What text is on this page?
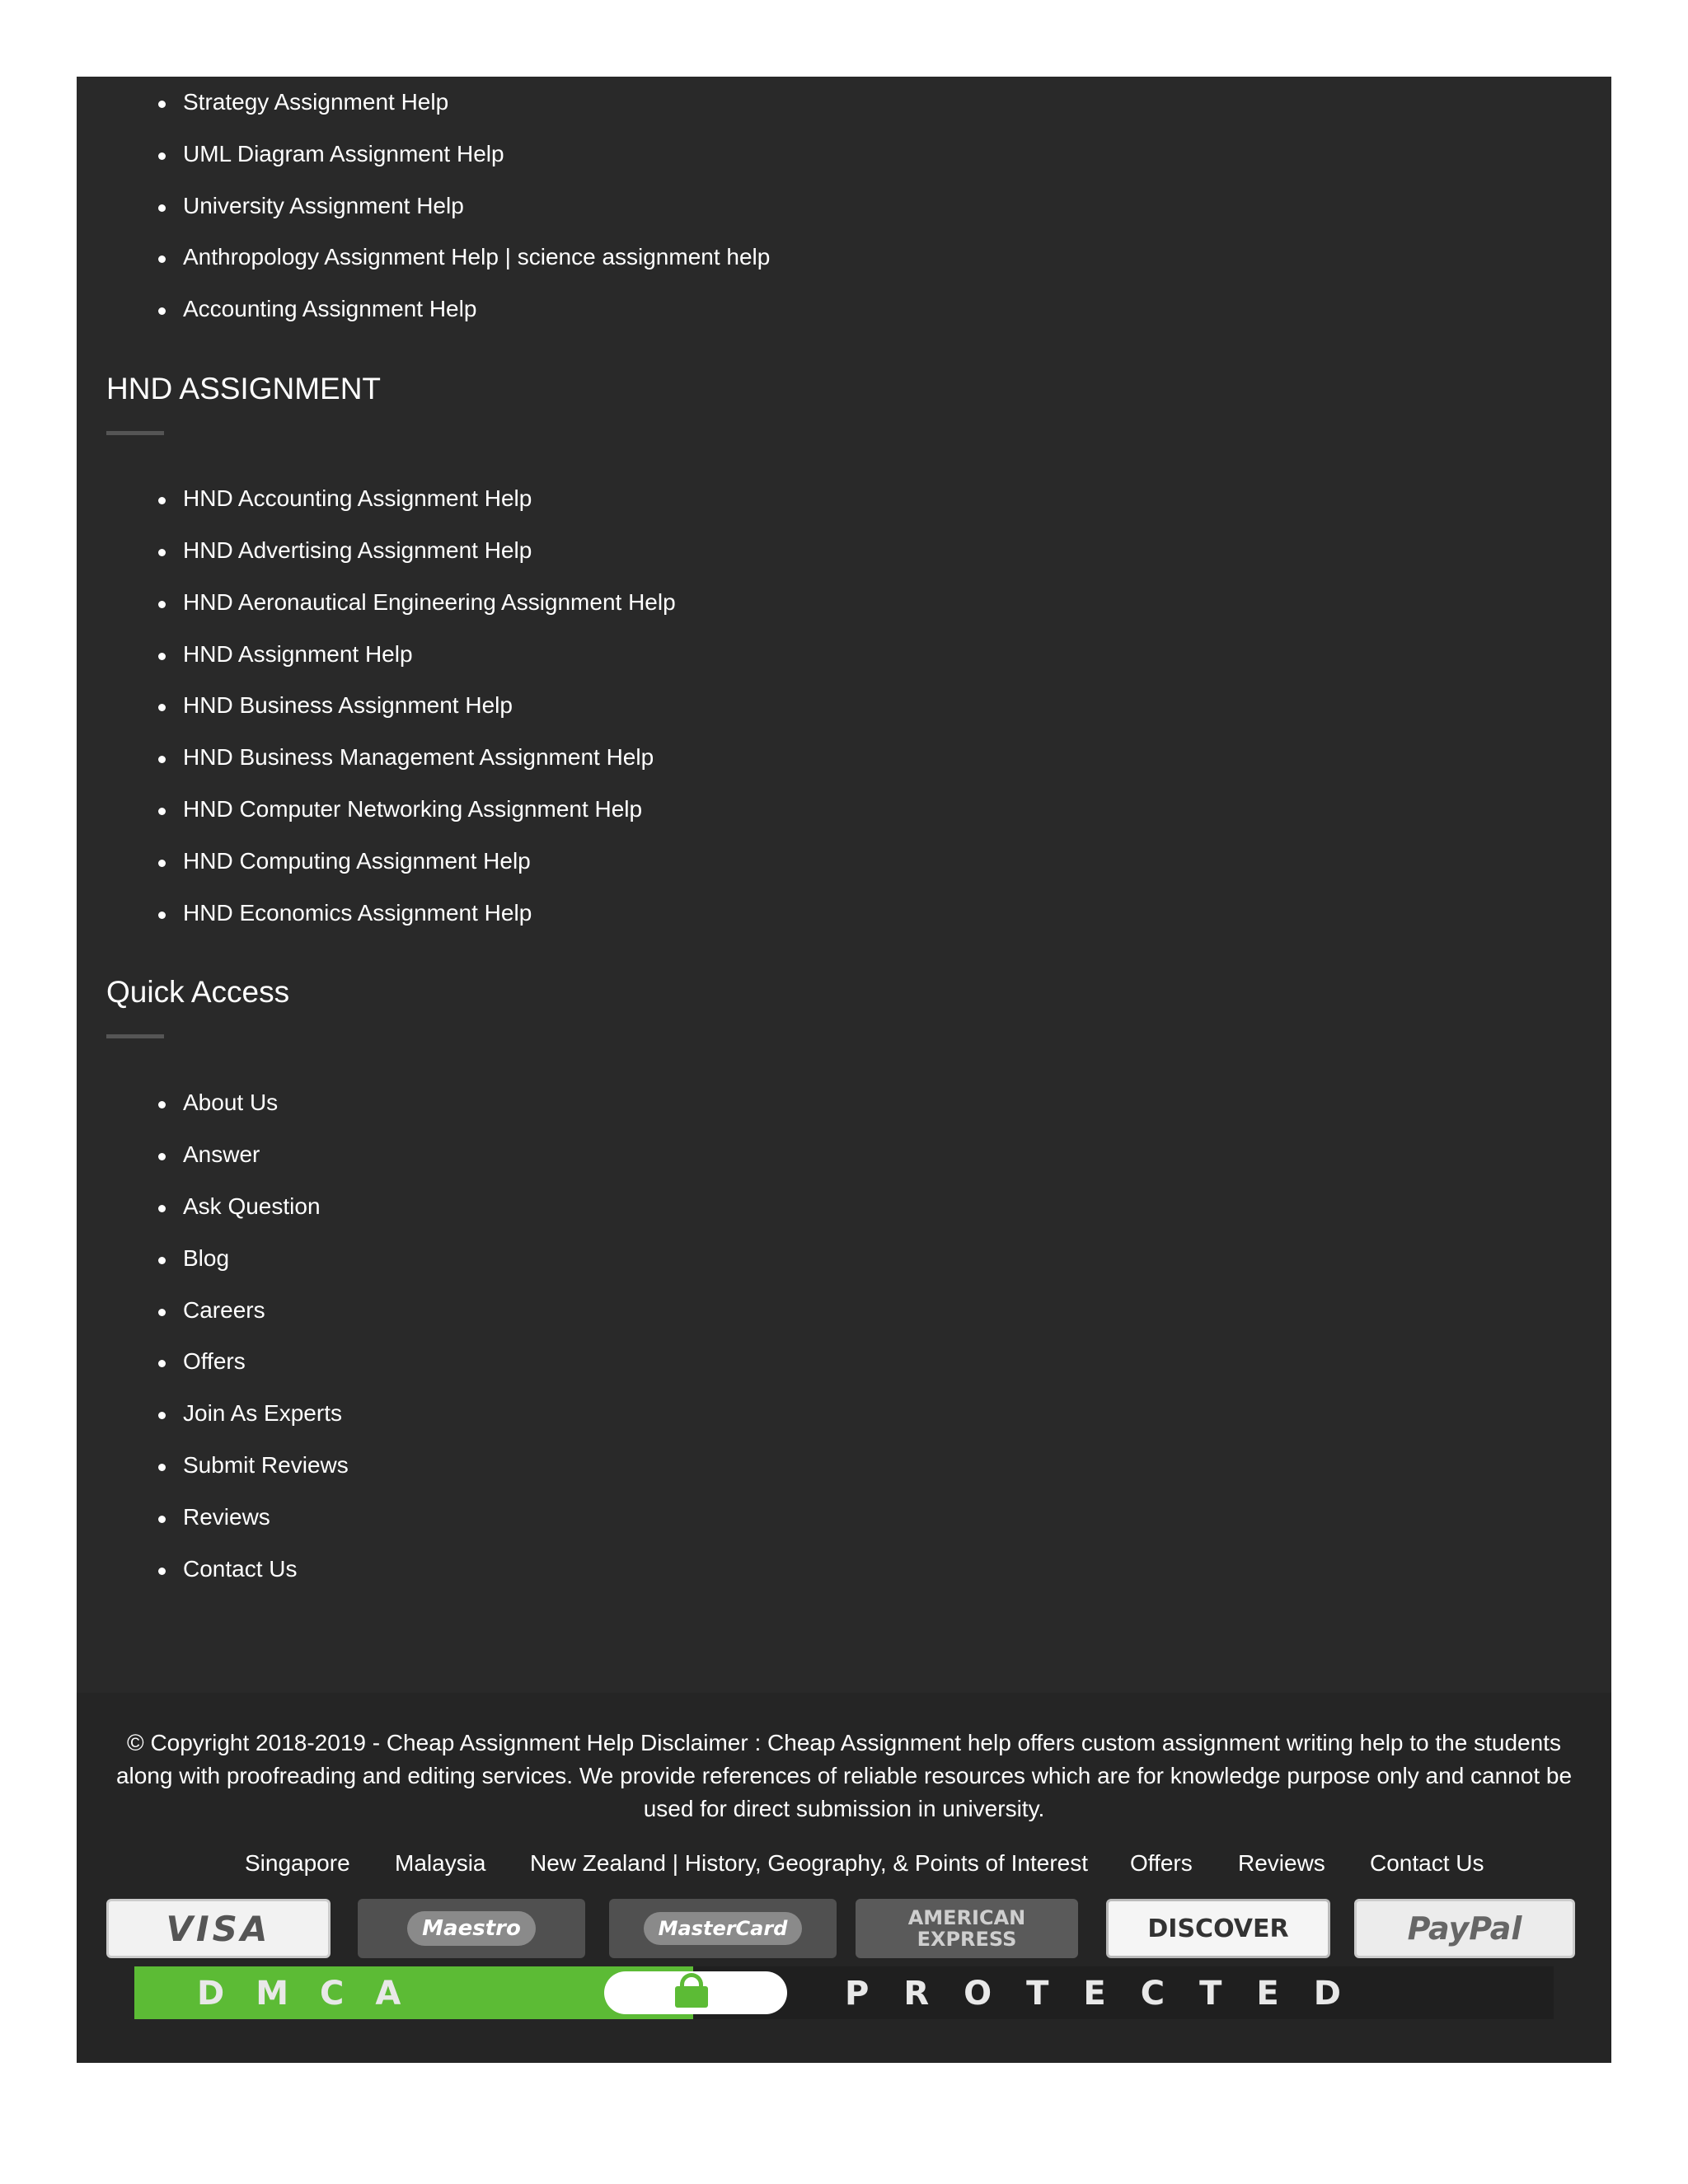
Strategy Assignment Help
UML Diagram Assignment Help
University Assignment Help
Anthropology Assignment Help | science assignment help
Accounting Assignment Help
HND ASSIGNMENT
HND Accounting Assignment Help
HND Advertising Assignment Help
HND Aeronautical Engineering Assignment Help
HND Assignment Help
HND Business Assignment Help
HND Business Management Assignment Help
HND Computer Networking Assignment Help
HND Computing Assignment Help
HND Economics Assignment Help
Quick Access
About Us
Answer
Ask Question
Blog
Careers
Offers
Join As Experts
Submit Reviews
Reviews
Contact Us

© Copyright 2018-2019 - Cheap Assignment Help Disclaimer : Cheap Assignment help offers custom assignment writing help to the students along with proofreading and editing services. We provide references of reliable resources which are for knowledge purpose only and cannot be used for direct submission in university.

Singapore Malaysia New Zealand | History, Geography, & Points of Interest Offers Reviews Contact Us
VISA	Maestro	MasterCard	AMERICAN EXPRESS	DISCOVER	PayPal
DMCA	PROTECTED
